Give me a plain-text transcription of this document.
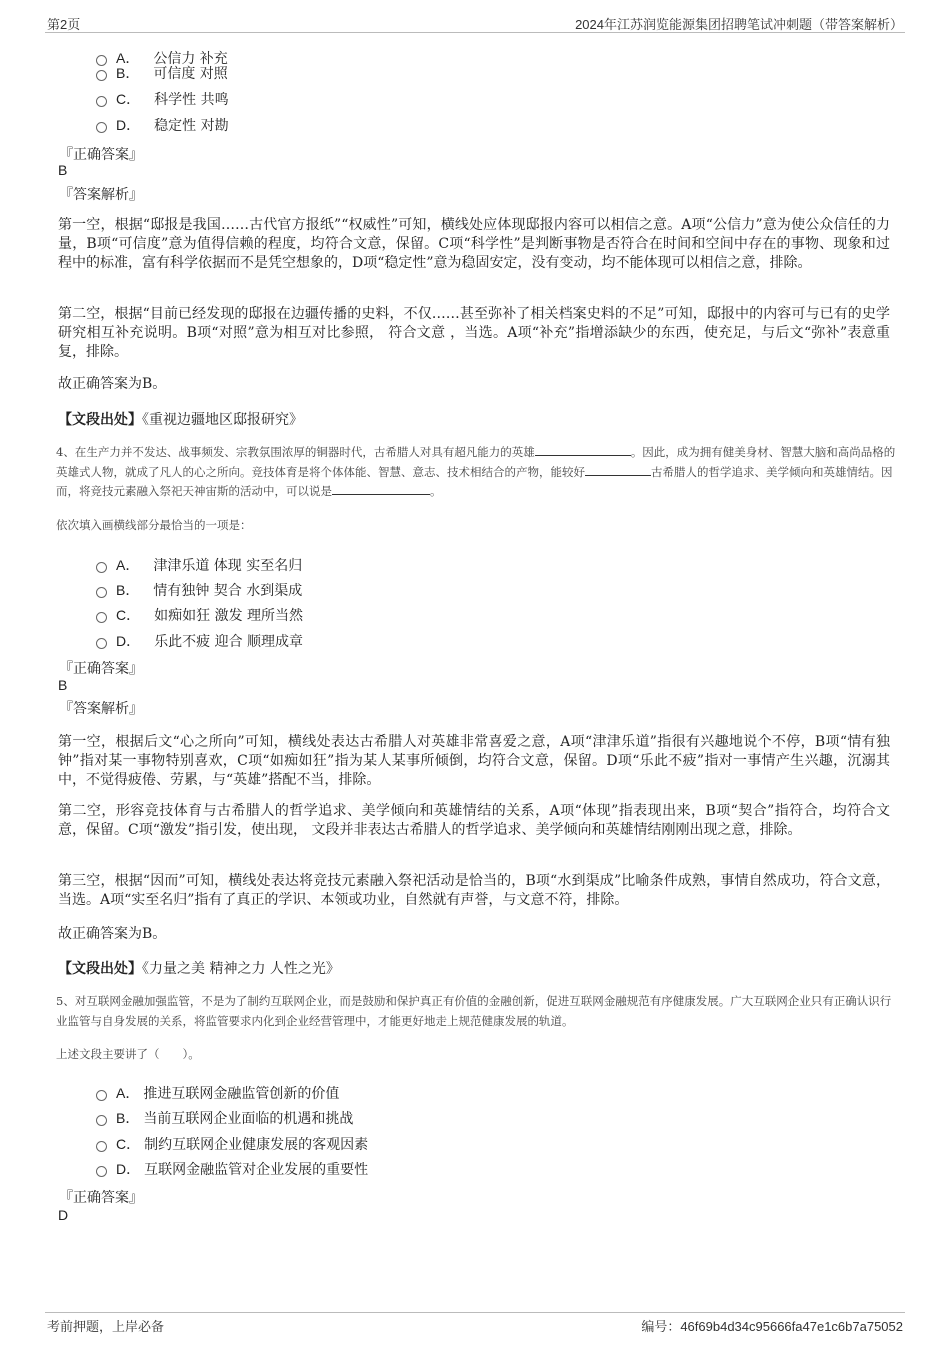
第2页	2024年江苏润览能源集团招聘笔试冲刺题（带答案解析）
A． 公信力 补充
B． 可信度 对照
C． 科学性 共鸣
D． 稳定性 对勘
『正确答案』
B
『答案解析』
第一空，根据“邸报是我国……古代官方报纸”“权威性”可知，横线处应体现邸报内容可以相信之意。A项“公信力”意为使公众信任的力量，B项“可信度”意为值得信赖的程度，均符合文意，保留。C项“科学性”是判断事物是否符合在时间和空间中存在的事物、现象和过程中的标准，富有科学依据而不是凭空想象的，D项“稳定性”意为稳固安定，没有变动，均不能体现可以相信之意，排除。
第二空，根据“目前已经发现的邸报在边疆传播的史料，不仅……甚至弥补了相关档案史料的不足”可知，邸报中的内容可与已有的史学研究相互补充说明。B项“对照”意为相互对比参照， 符合文意 ，当选。A项“补充”指增添缺少的东西，使充足，与后文“弥补”表意重复，排除。
故正确答案为B。
【文段出处】《重视边疆地区邸报研究》
4、在生产力并不发达、战事频发、宗教氛围浓厚的铜器时代，古希腊人对具有超凡能力的英雄	。因此，成为拥有健美身材、智慧大脑和高尚品格的英雄式人物，就成了凡人的心之所向。竞技体育是将个体体能、智慧、意志、技术相结合的产物，能较好	古希腊人的哲学追求、美学倾向和英雄情结。因而，将竞技元素融入祭祀天神宙斯的活动中，可以说是	。
依次填入画横线部分最恰当的一项是：
A． 津津乐道 体现 实至名归
B． 情有独钟 契合 水到渠成
C． 如痴如狂 激发 理所当然
D． 乐此不疲 迎合 顺理成章
『正确答案』
B
『答案解析』
第一空，根据后文“心之所向”可知，横线处表达古希腊人对英雄非常喜爱之意，A项“津津乐道”指很有兴趣地说个不停，B项“情有独钟”指对某一事物特别喜欢，C项“如痴如狂”指为某人某事所倾倒，均符合文意，保留。D项“乐此不疲”指对一事情产生兴趣，沉溺其中，不觉得疲倦、劳累，与“英雄”搭配不当，排除。
第二空，形容竞技体育与古希腊人的哲学追求、美学倾向和英雄情结的关系，A项“体现”指表现出来，B项“契合”指符合，均符合文意，保留。C项“激发”指引发，使出现， 文段并非表达古希腊人的哲学追求、美学倾向和英雄情结刚刚出现之意，排除。
第三空，根据“因而”可知，横线处表达将竞技元素融入祭祀活动是恰当的，B项“水到渠成”比喻条件成熟，事情自然成功，符合文意，当选。A项“实至名归”指有了真正的学识、本领或功业，自然就有声誉，与文意不符，排除。
故正确答案为B。
【文段出处】《力量之美 精神之力 人性之光》
5、对互联网金融加强监管，不是为了制约互联网企业，而是鼓励和保护真正有价值的金融创新，促进互联网金融规范有序健康发展。广大互联网企业只有正确认识行业监管与自身发展的关系，将监管要求内化到企业经营管理中，才能更好地走上规范健康发展的轨道。
上述文段主要讲了（　　）。
A． 推进互联网金融监管创新的价值
B． 当前互联网企业面临的机遇和挑战
C． 制约互联网企业健康发展的客观因素
D． 互联网金融监管对企业发展的重要性
『正确答案』
D
考前押题，上岸必备	编号：46f69b4d34c95666fa47e1c6b7a75052
